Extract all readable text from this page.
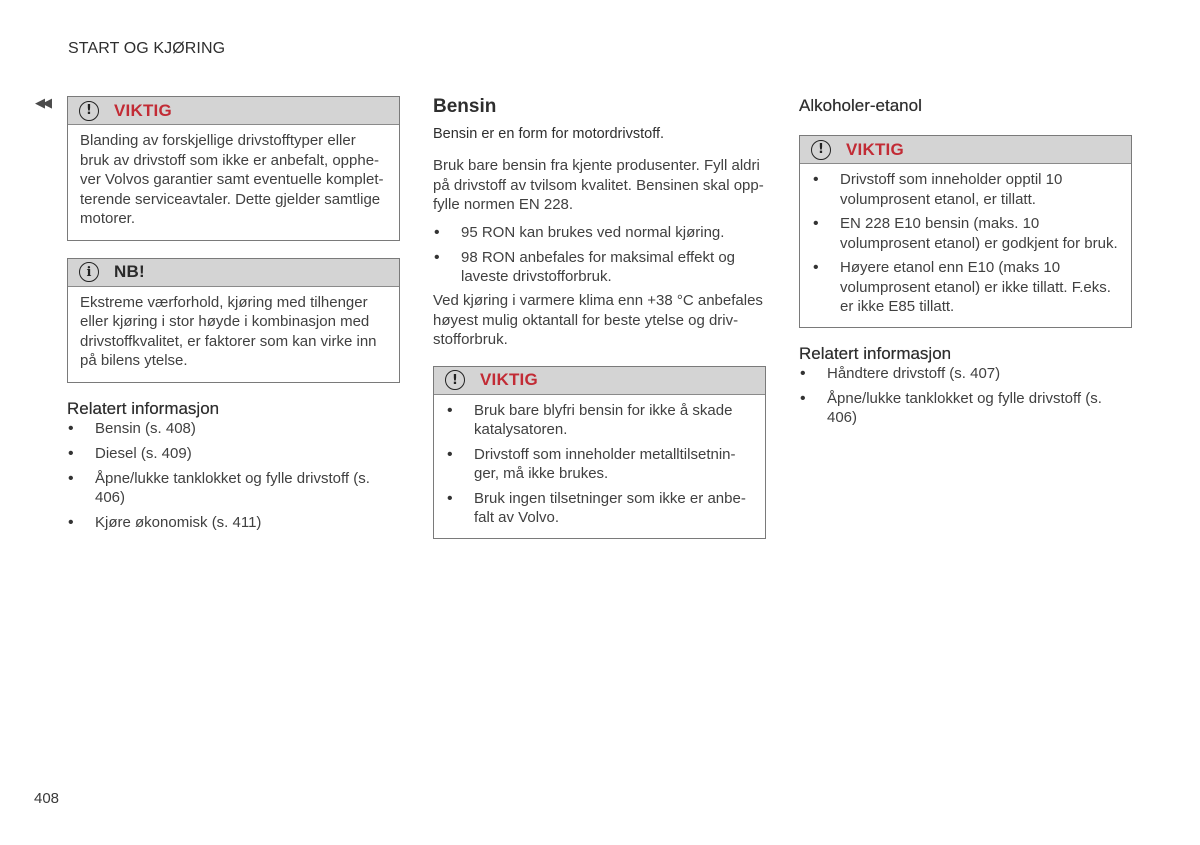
START OG KJØRING
◀◀
!	VIKTIG
Blanding av forskjellige drivstofftyper eller bruk av drivstoff som ikke er anbefalt, opphever Volvos garantier samt eventuelle kompletterende serviceavtaler. Dette gjelder samtlige motorer.
i	NB!
Ekstreme værforhold, kjøring med tilhenger eller kjøring i stor høyde i kombinasjon med drivstoffkvalitet, er faktorer som kan virke inn på bilens ytelse.
Relatert informasjon
• Bensin (s. 408)
• Diesel (s. 409)
• Åpne/lukke tanklokket og fylle drivstoff (s. 406)
• Kjøre økonomisk (s. 411)
Bensin

Bensin er en form for motordrivstoff.

Bruk bare bensin fra kjente produsenter. Fyll aldri på drivstoff av tvilsom kvalitet. Bensinen skal oppfylle normen EN 228.

• 95 RON kan brukes ved normal kjøring.
• 98 RON anbefales for maksimal effekt og laveste drivstofforbruk.

Ved kjøring i varmere klima enn +38 °C anbefales høyest mulig oktantall for beste ytelse og drivstofforbruk.

!	VIKTIG
• Bruk bare blyfri bensin for ikke å skade katalysatoren.
• Drivstoff som inneholder metalltilsetninger, må ikke brukes.
• Bruk ingen tilsetninger som ikke er anbefalt av Volvo.
Alkoholer-etanol
!	VIKTIG
• Drivstoff som inneholder opptil 10 volumprosent etanol, er tillatt.
• EN 228 E10 bensin (maks. 10 volumprosent etanol) er godkjent for bruk.
• Høyere etanol enn E10 (maks 10 volumprosent etanol) er ikke tillatt. F.eks. er ikke E85 tillatt.
Relatert informasjon
• Håndtere drivstoff (s. 407)
• Åpne/lukke tanklokket og fylle drivstoff (s. 406)
408
